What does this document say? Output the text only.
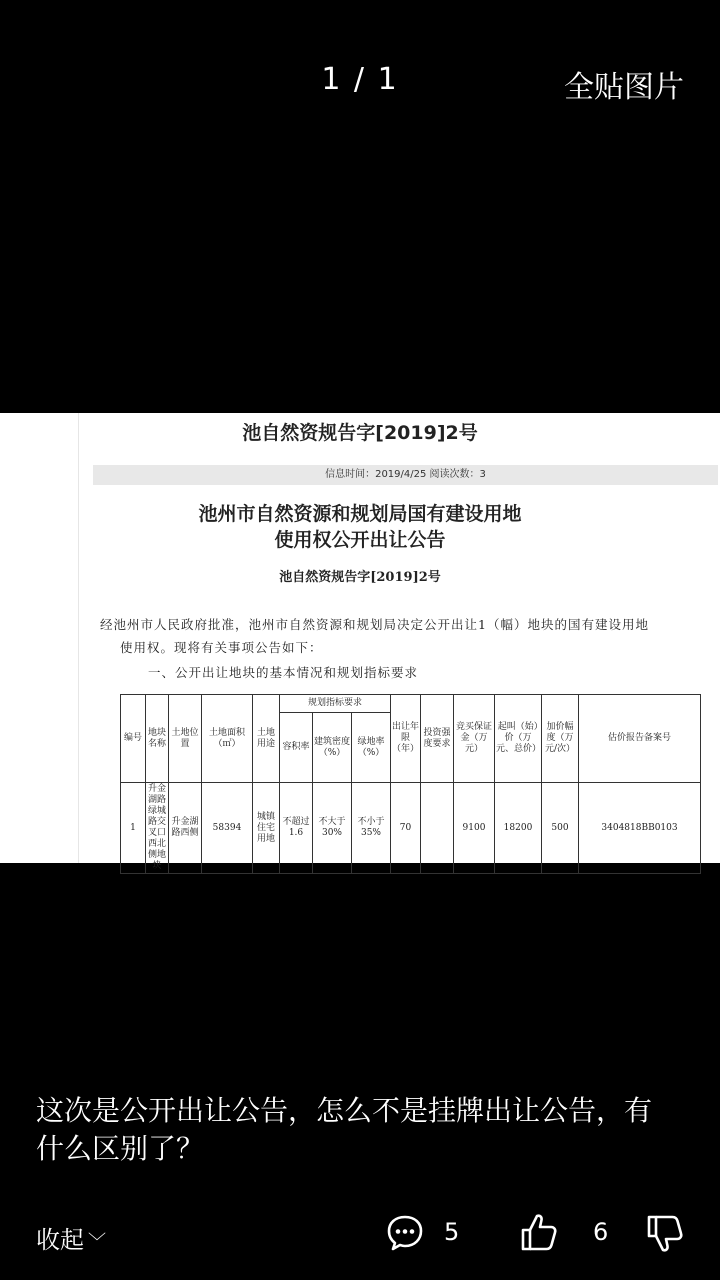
1 / 1	全贴图片
池自然资规告字[2019]2号
信息时间：2019/4/25 阅读次数：3
池州市自然资源和规划局国有建设用地
使用权公开出让公告
池自然资规告字[2019]2号
经池州市人民政府批准，池州市自然资源和规划局决定公开出让1（幅）地块的国有建设用地
使用权。现将有关事项公告如下：
一、公开出让地块的基本情况和规划指标要求
编号	地块名称	土地位置	土地面积（㎡）	土地用途	规划指标要求			出让年限（年）	投资强度要求	竞买保证金（万元）	起叫（始）价（万元、总价）	加价幅度（万元/次）	估价报告备案号
					容积率	建筑密度（%）	绿地率（%）						
1	升金湖路绿城路交叉口西北侧地块	升金湖路西侧	58394	城镇住宅用地	不超过1.6	不大于30%	不小于35%	70		9100	18200	500	3404818BB0103
这次是公开出让公告，怎么不是挂牌出让公告，有什么区别了？
收起 ﹀	5	6
